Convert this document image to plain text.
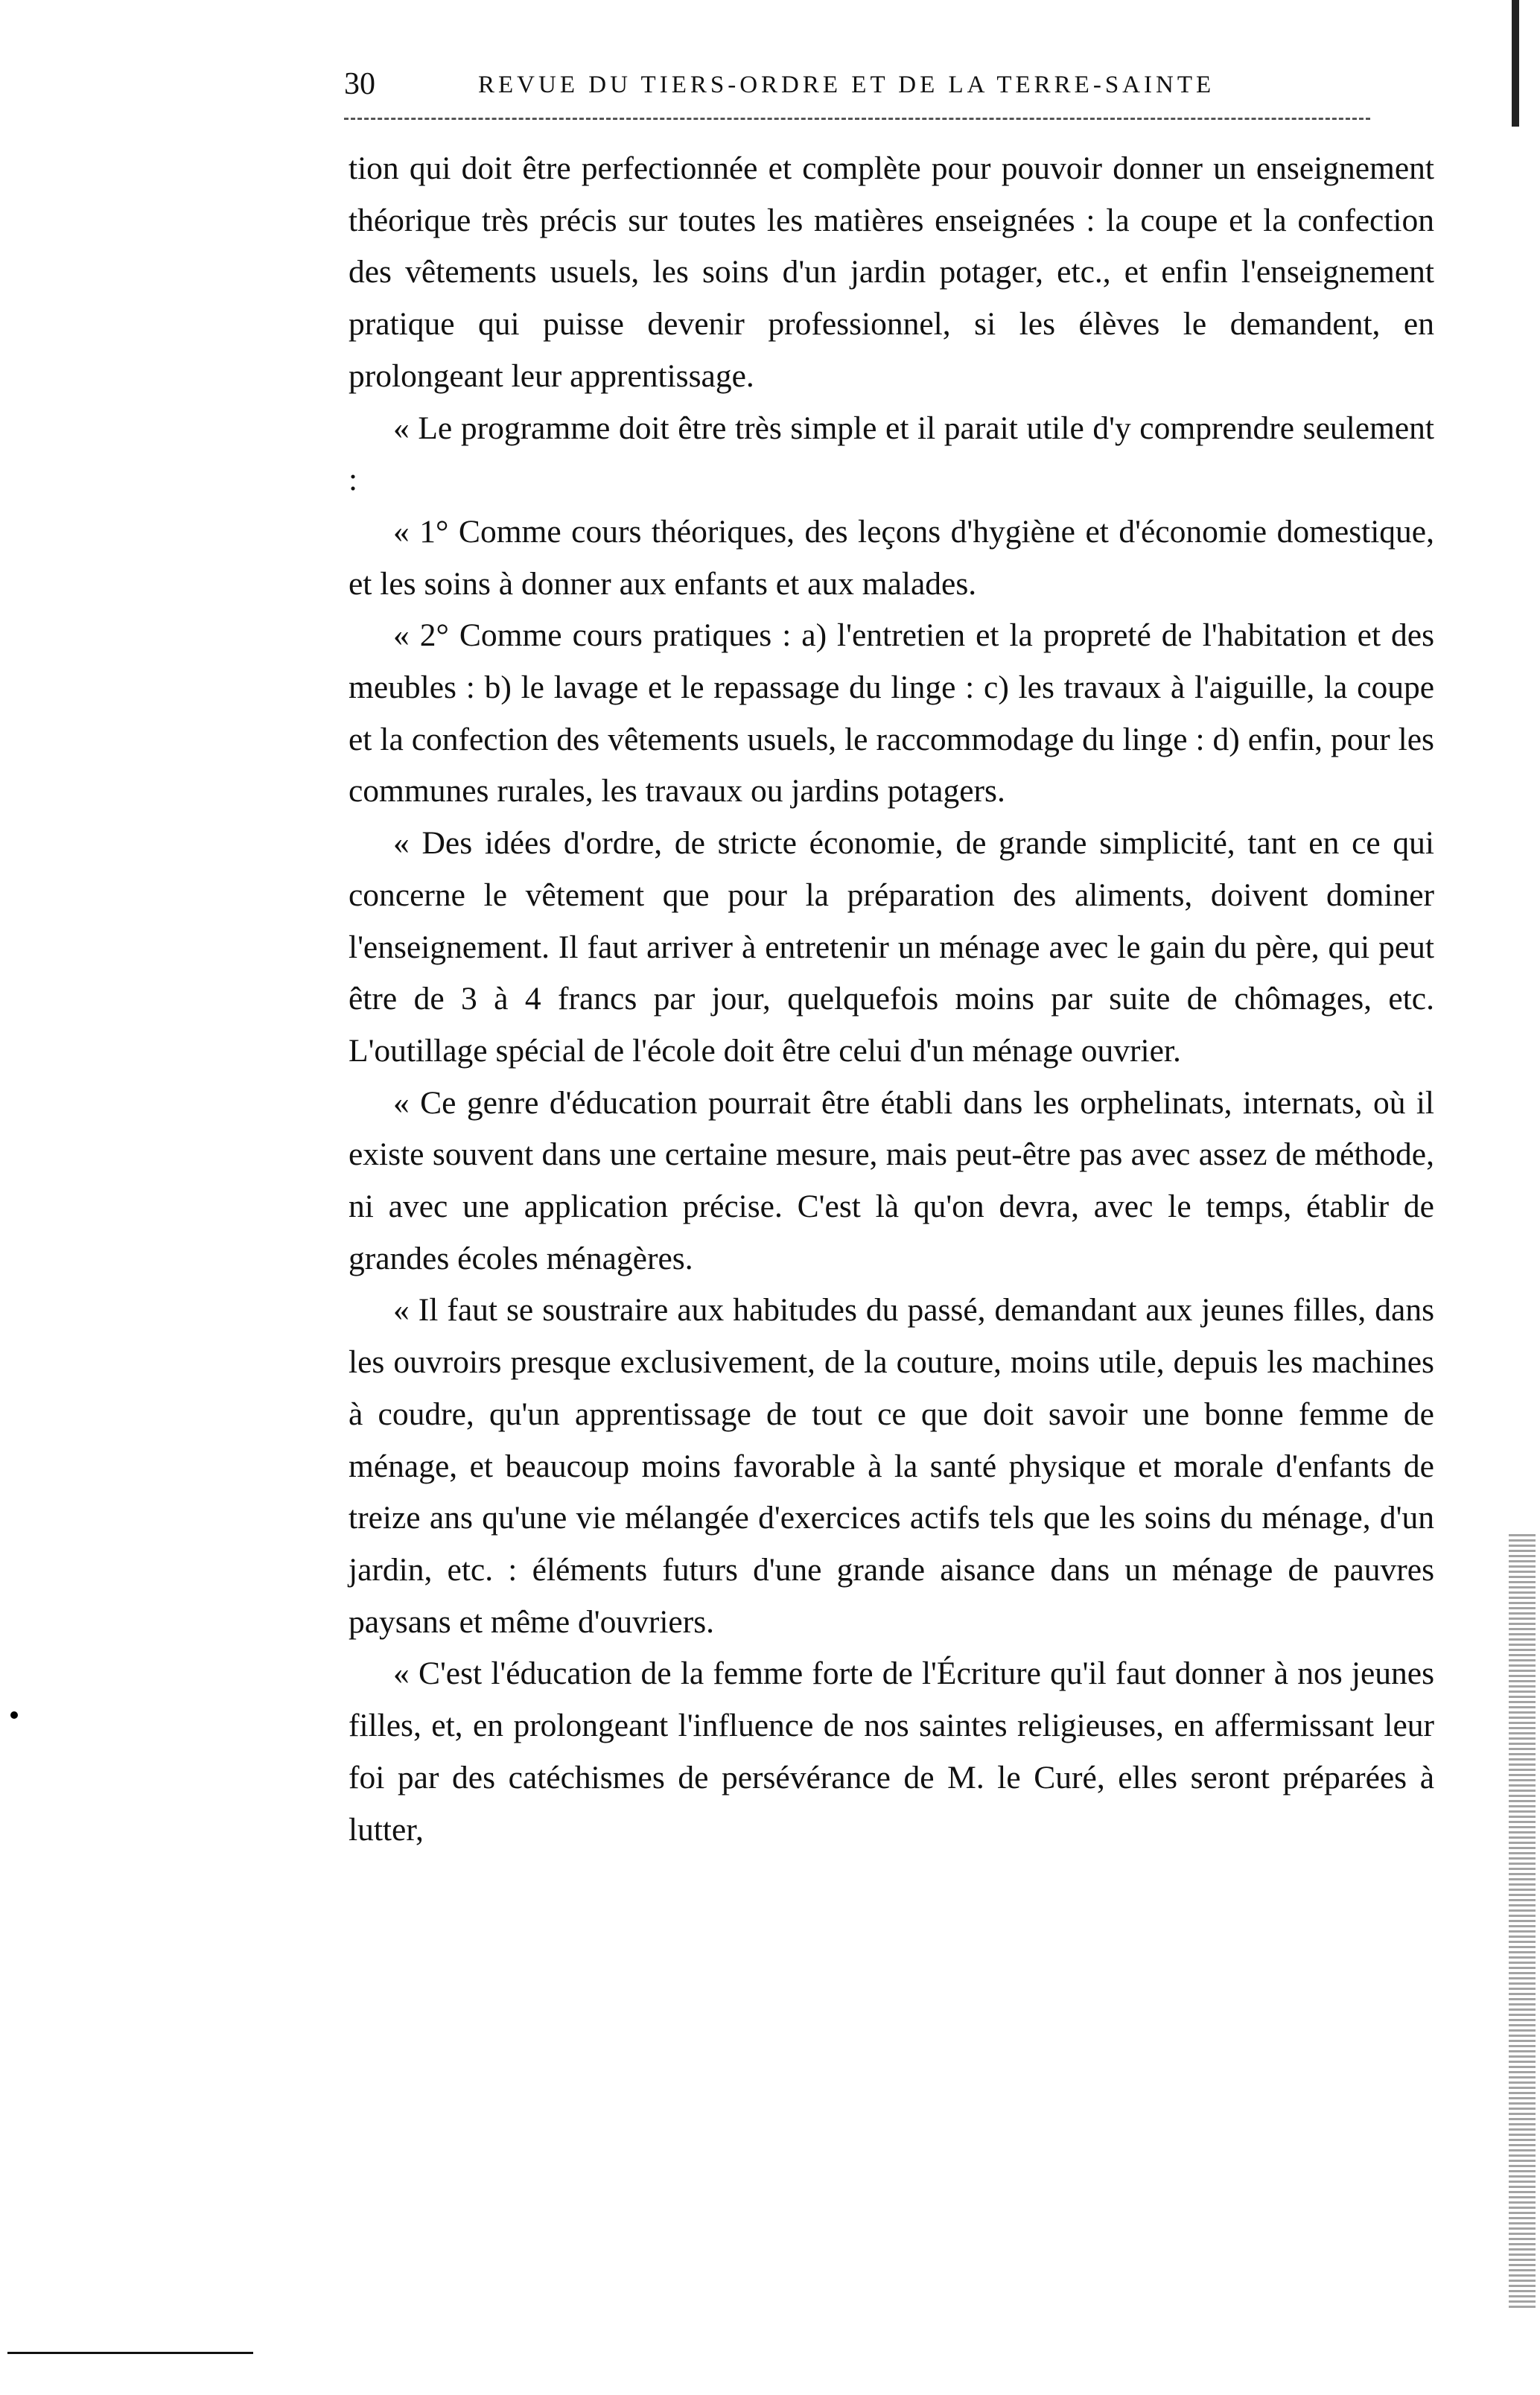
30	REVUE DU TIERS-ORDRE ET DE LA TERRE-SAINTE

tion qui doit être perfectionnée et complète pour pouvoir donner un enseignement théorique très précis sur toutes les matières enseignées : la coupe et la confection des vêtements usuels, les soins d'un jardin potager, etc., et enfin l'enseignement pratique qui puisse devenir professionnel, si les élèves le demandent, en prolongeant leur apprentissage.

« Le programme doit être très simple et il parait utile d'y comprendre seulement :

« 1° Comme cours théoriques, des leçons d'hygiène et d'économie domestique, et les soins à donner aux enfants et aux malades.

« 2° Comme cours pratiques : a) l'entretien et la propreté de l'habitation et des meubles : b) le lavage et le repassage du linge : c) les travaux à l'aiguille, la coupe et la confection des vêtements usuels, le raccommodage du linge : d) enfin, pour les communes rurales, les travaux ou jardins potagers.

« Des idées d'ordre, de stricte économie, de grande simplicité, tant en ce qui concerne le vêtement que pour la préparation des aliments, doivent dominer l'enseignement. Il faut arriver à entretenir un ménage avec le gain du père, qui peut être de 3 à 4 francs par jour, quelquefois moins par suite de chômages, etc. L'outillage spécial de l'école doit être celui d'un ménage ouvrier.

« Ce genre d'éducation pourrait être établi dans les orphelinats, internats, où il existe souvent dans une certaine mesure, mais peut-être pas avec assez de méthode, ni avec une application précise. C'est là qu'on devra, avec le temps, établir de grandes écoles ménagères.

« Il faut se soustraire aux habitudes du passé, demandant aux jeunes filles, dans les ouvroirs presque exclusivement, de la couture, moins utile, depuis les machines à coudre, qu'un apprentissage de tout ce que doit savoir une bonne femme de ménage, et beaucoup moins favorable à la santé physique et morale d'enfants de treize ans qu'une vie mélangée d'exercices actifs tels que les soins du ménage, d'un jardin, etc. : éléments futurs d'une grande aisance dans un ménage de pauvres paysans et même d'ouvriers.

« C'est l'éducation de la femme forte de l'Écriture qu'il faut donner à nos jeunes filles, et, en prolongeant l'influence de nos saintes religieuses, en affermissant leur foi par des catéchismes de persévérance de M. le Curé, elles seront préparées à lutter,
